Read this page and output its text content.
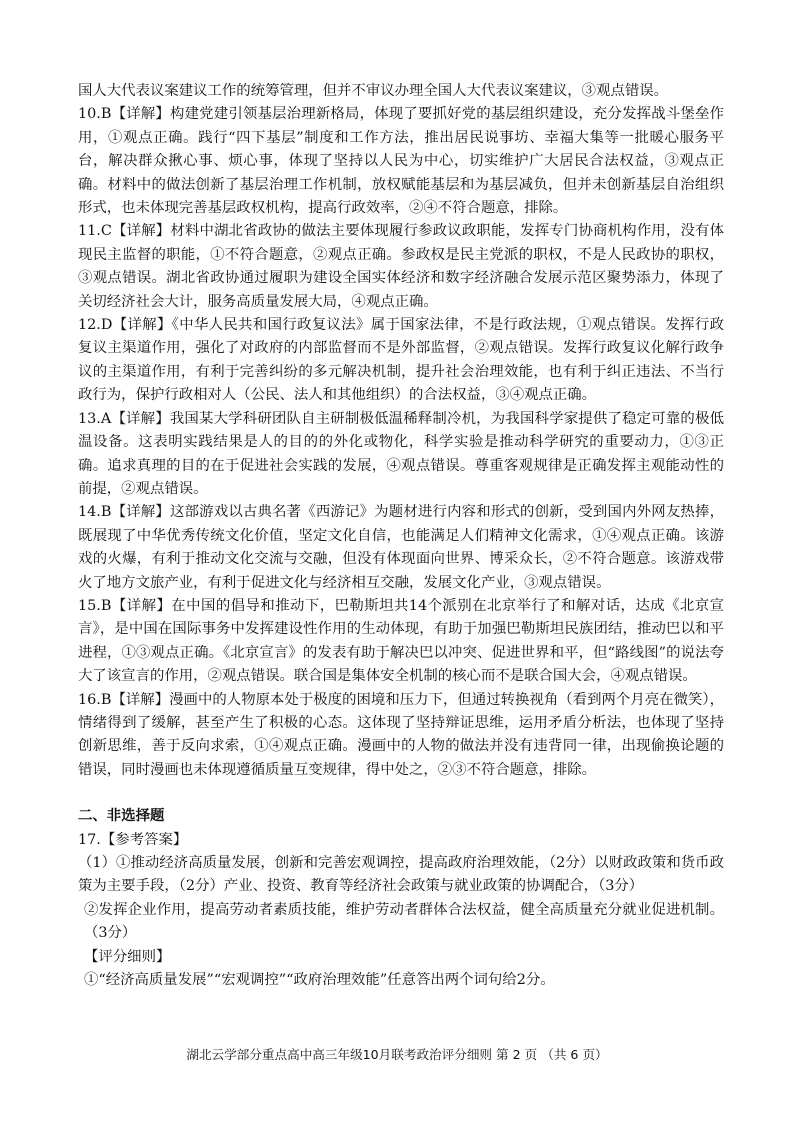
国人大代表议案建议工作的统筹管理，但并不审议办理全国人大代表议案建议，③观点错误。

10.B【详解】构建党建引领基层治理新格局，体现了要抓好党的基层组织建设，充分发挥战斗堡垒作用，①观点正确。践行“四下基层”制度和工作方法，推出居民说事坊、幸福大集等一批暖心服务平台，解决群众揪心事、烦心事，体现了坚持以人民为中心，切实维护广大居民合法权益，③观点正确。材料中的做法创新了基层治理工作机制，放权赋能基层和为基层减负，但并未创新基层自治组织形式，也未体现完善基层政权机构，提高行政效率，②④不符合题意，排除。

11.C【详解】材料中湖北省政协的做法主要体现履行参政议政职能，发挥专门协商机构作用，没有体现民主监督的职能，①不符合题意，②观点正确。参政权是民主党派的职权，不是人民政协的职权，③观点错误。湖北省政协通过履职为建设全国实体经济和数字经济融合发展示范区聚势添力，体现了关切经济社会大计，服务高质量发展大局，④观点正确。

12.D【详解】《中华人民共和国行政复议法》属于国家法律，不是行政法规，①观点错误。发挥行政复议主渠道作用，强化了对政府的内部监督而不是外部监督，②观点错误。发挥行政复议化解行政争议的主渠道作用，有利于完善纠纷的多元解决机制，提升社会治理效能，也有利于纠正违法、不当行政行为，保护行政相对人（公民、法人和其他组织）的合法权益，③④观点正确。

13.A【详解】我国某大学科研团队自主研制极低温稀释制冷机，为我国科学家提供了稳定可靠的极低温设备。这表明实践结果是人的目的的外化或物化，科学实验是推动科学研究的重要动力，①③正确。追求真理的目的在于促进社会实践的发展，④观点错误。尊重客观规律是正确发挥主观能动性的前提，②观点错误。

14.B【详解】这部游戏以古典名著《西游记》为题材进行内容和形式的创新，受到国内外网友热捧，既展现了中华优秀传统文化价值，坚定文化自信，也能满足人们精神文化需求，①④观点正确。该游戏的火爆，有利于推动文化交流与交融，但没有体现面向世界、博采众长，②不符合题意。该游戏带火了地方文旅产业，有利于促进文化与经济相互交融，发展文化产业，③观点错误。

15.B【详解】在中国的倡导和推动下，巴勒斯坦共14个派别在北京举行了和解对话，达成《北京宣言》，是中国在国际事务中发挥建设性作用的生动体现，有助于加强巴勒斯坦民族团结，推动巴以和平进程，①③观点正确。《北京宣言》的发表有助于解决巴以冲突、促进世界和平，但“路线图”的说法夸大了该宣言的作用，②观点错误。联合国是集体安全机制的核心而不是联合国大会，④观点错误。

16.B【详解】漫画中的人物原本处于极度的困境和压力下，但通过转换视角（看到两个月亮在微笑），情绪得到了缓解，甚至产生了积极的心态。这体现了坚持辩证思维，运用矛盾分析法，也体现了坚持创新思维，善于反向求索，①④观点正确。漫画中的人物的做法并没有违背同一律，出现偷换论题的错误，同时漫画也未体现遵循质量互变规律，得中处之，②③不符合题意，排除。

二、非选择题

17.【参考答案】

（1）①推动经济高质量发展，创新和完善宏观调控，提高政府治理效能，（2分）以财政政策和货币政策为主要手段，（2分）产业、投资、教育等经济社会政策与就业政策的协调配合，（3分）

②发挥企业作用，提高劳动者素质技能，维护劳动者群体合法权益，健全高质量充分就业促进机制。（3分）

【评分细则】

①“经济高质量发展”“宏观调控”“政府治理效能”任意答出两个词句给2分。

湖北云学部分重点高中高三年级10月联考政治评分细则 第 2 页 （共 6 页）
